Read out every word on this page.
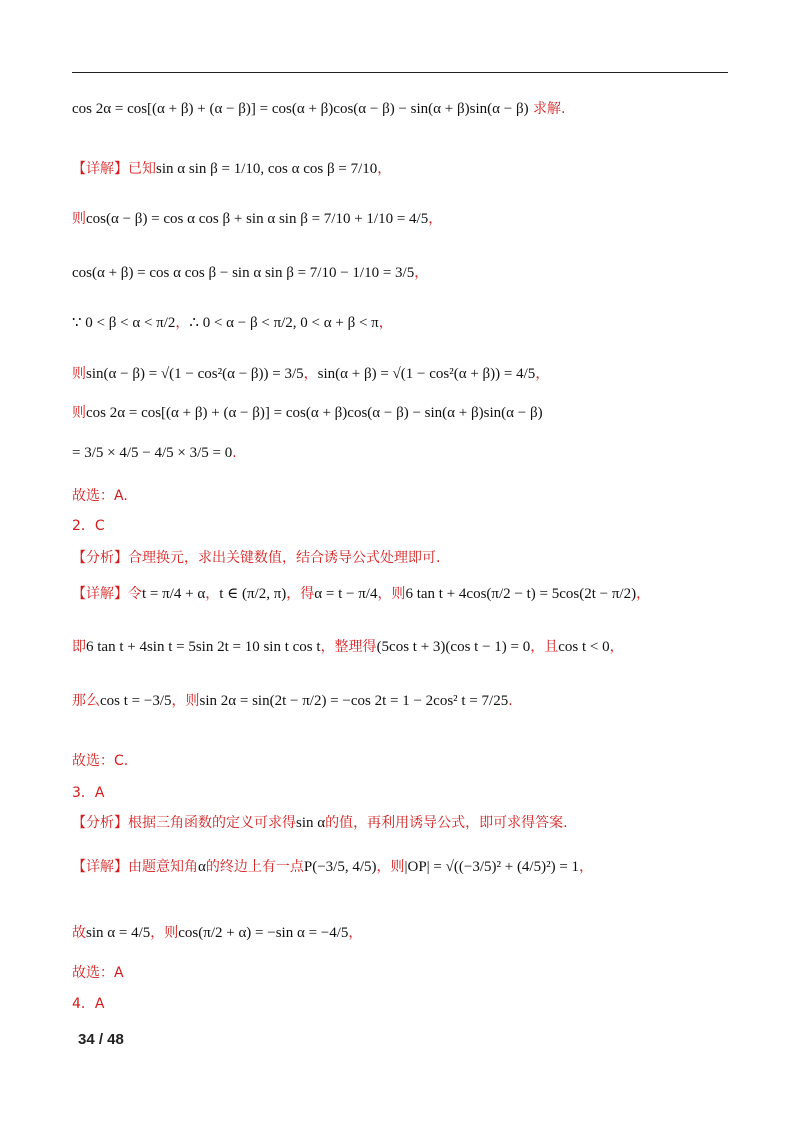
cos 2α = cos[(α + β) + (α − β)] = cos(α + β)cos(α − β) − sin(α + β)sin(α − β) 求解.
【详解】已知sin α sin β = 1/10, cos α cos β = 7/10，
则cos(α − β) = cos α cos β + sin α sin β = 7/10 + 1/10 = 4/5，
cos(α + β) = cos α cos β − sin α sin β = 7/10 − 1/10 = 3/5，
∵ 0 < β < α < π/2，∴ 0 < α − β < π/2, 0 < α + β < π，
则sin(α − β) = √(1 − cos²(α − β)) = 3/5，sin(α + β) = √(1 − cos²(α + β)) = 4/5，
则cos 2α = cos[(α + β) + (α − β)] = cos(α + β)cos(α − β) − sin(α + β)sin(α − β)
= 3/5 × 4/5 − 4/5 × 3/5 = 0.
故选：A.
2．C
【分析】合理换元，求出关键数值，结合诱导公式处理即可.
【详解】令t = π/4 + α，t ∈ (π/2, π)，得α = t − π/4，则6 tan t + 4cos(π/2 − t) = 5cos(2t − π/2)，
即6 tan t + 4sin t = 5sin 2t = 10 sin t cos t，整理得(5cos t + 3)(cos t − 1) = 0，且cos t < 0，
那么cos t = −3/5，则sin 2α = sin(2t − π/2) = −cos 2t = 1 − 2cos² t = 7/25.
故选：C.
3．A
【分析】根据三角函数的定义可求得sin α的值，再利用诱导公式，即可求得答案.
【详解】由题意知角α的终边上有一点P(−3/5, 4/5)，则|OP| = √((−3/5)² + (4/5)²) = 1，
故sin α = 4/5，则cos(π/2 + α) = −sin α = −4/5，
故选：A
4．A
34 / 48
